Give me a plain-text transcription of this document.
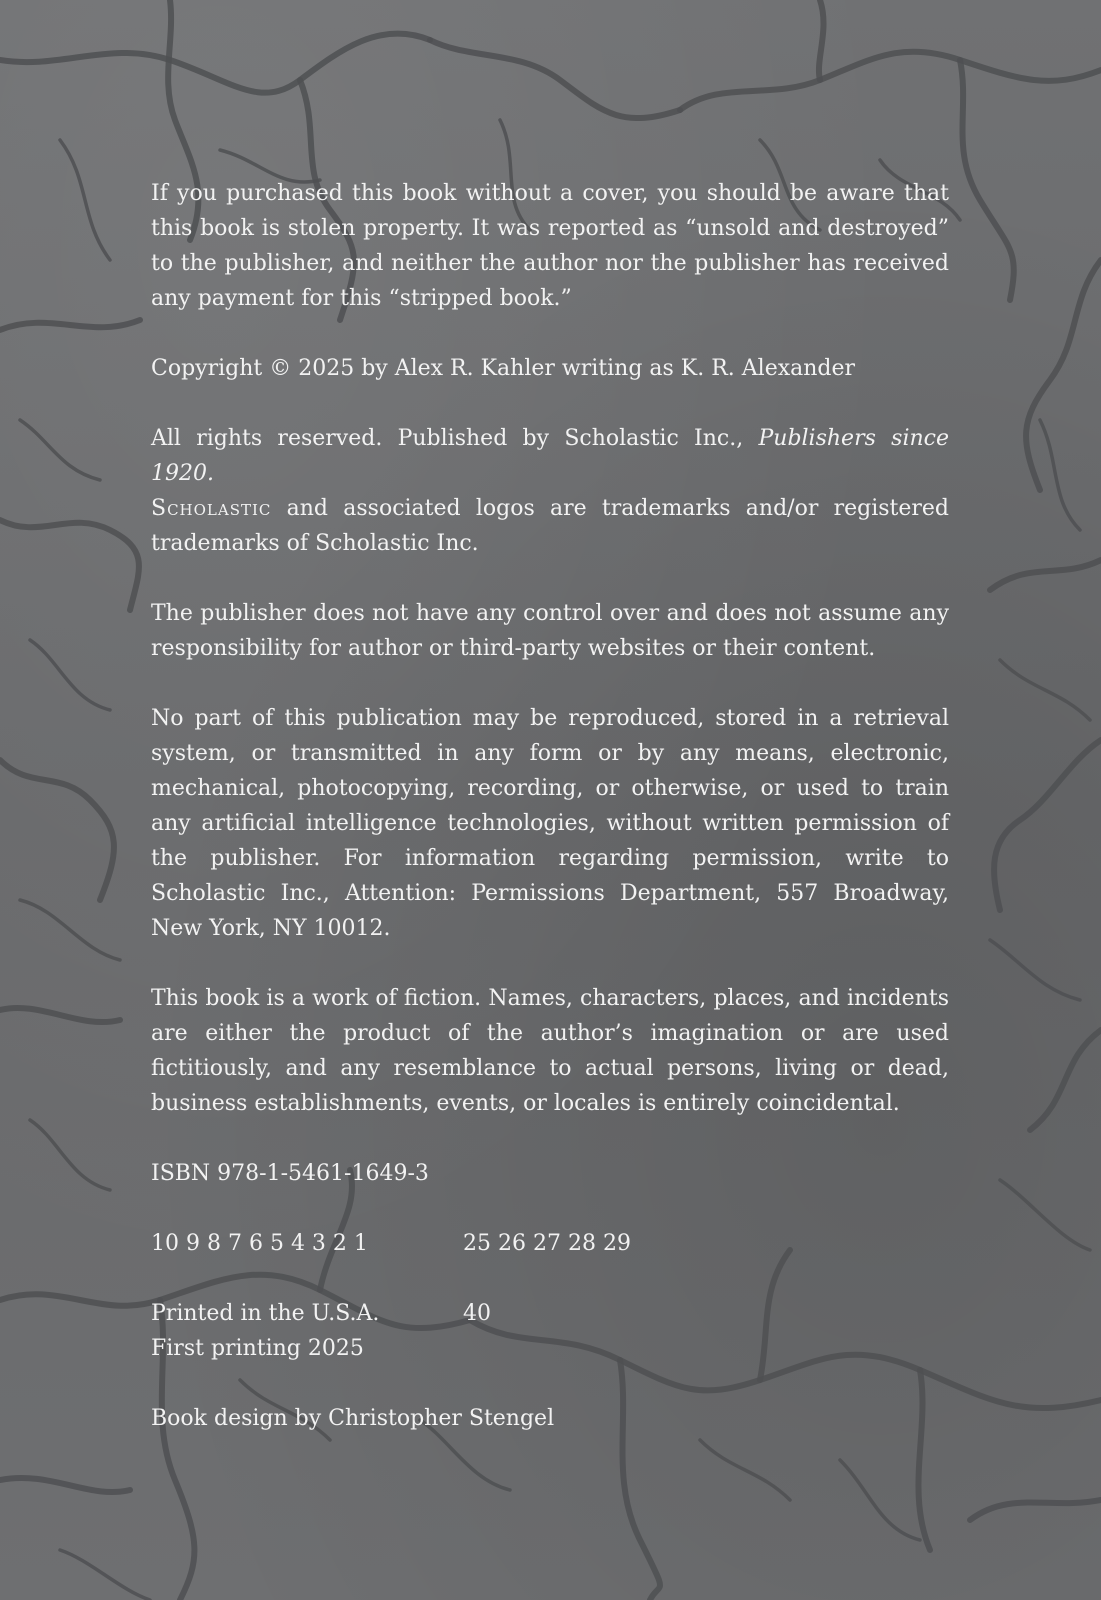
If you purchased this book without a cover, you should be aware that this book is stolen property. It was reported as “unsold and destroyed” to the publisher, and neither the author nor the publisher has received any payment for this “stripped book.”

Copyright © 2025 by Alex R. Kahler writing as K. R. Alexander

All rights reserved. Published by Scholastic Inc., Publishers since 1920.
Scholastic and associated logos are trademarks and/or registered trademarks of Scholastic Inc.

The publisher does not have any control over and does not assume any responsibility for author or third-party websites or their content.

No part of this publication may be reproduced, stored in a retrieval system, or transmitted in any form or by any means, electronic, mechanical, photocopying, recording, or otherwise, or used to train any artificial intelligence technologies, without written permission of the publisher. For information regarding permission, write to Scholastic Inc., Attention: Permissions Department, 557 Broadway, New York, NY 10012.

This book is a work of fiction. Names, characters, places, and incidents are either the product of the author’s imagination or are used fictitiously, and any resemblance to actual persons, living or dead, business establishments, events, or locales is entirely coincidental.

ISBN 978-1-5461-1649-3

10 9 8 7 6 5 4 3 2 1	25 26 27 28 29
Printed in the U.S.A.	40
First printing 2025

Book design by Christopher Stengel
